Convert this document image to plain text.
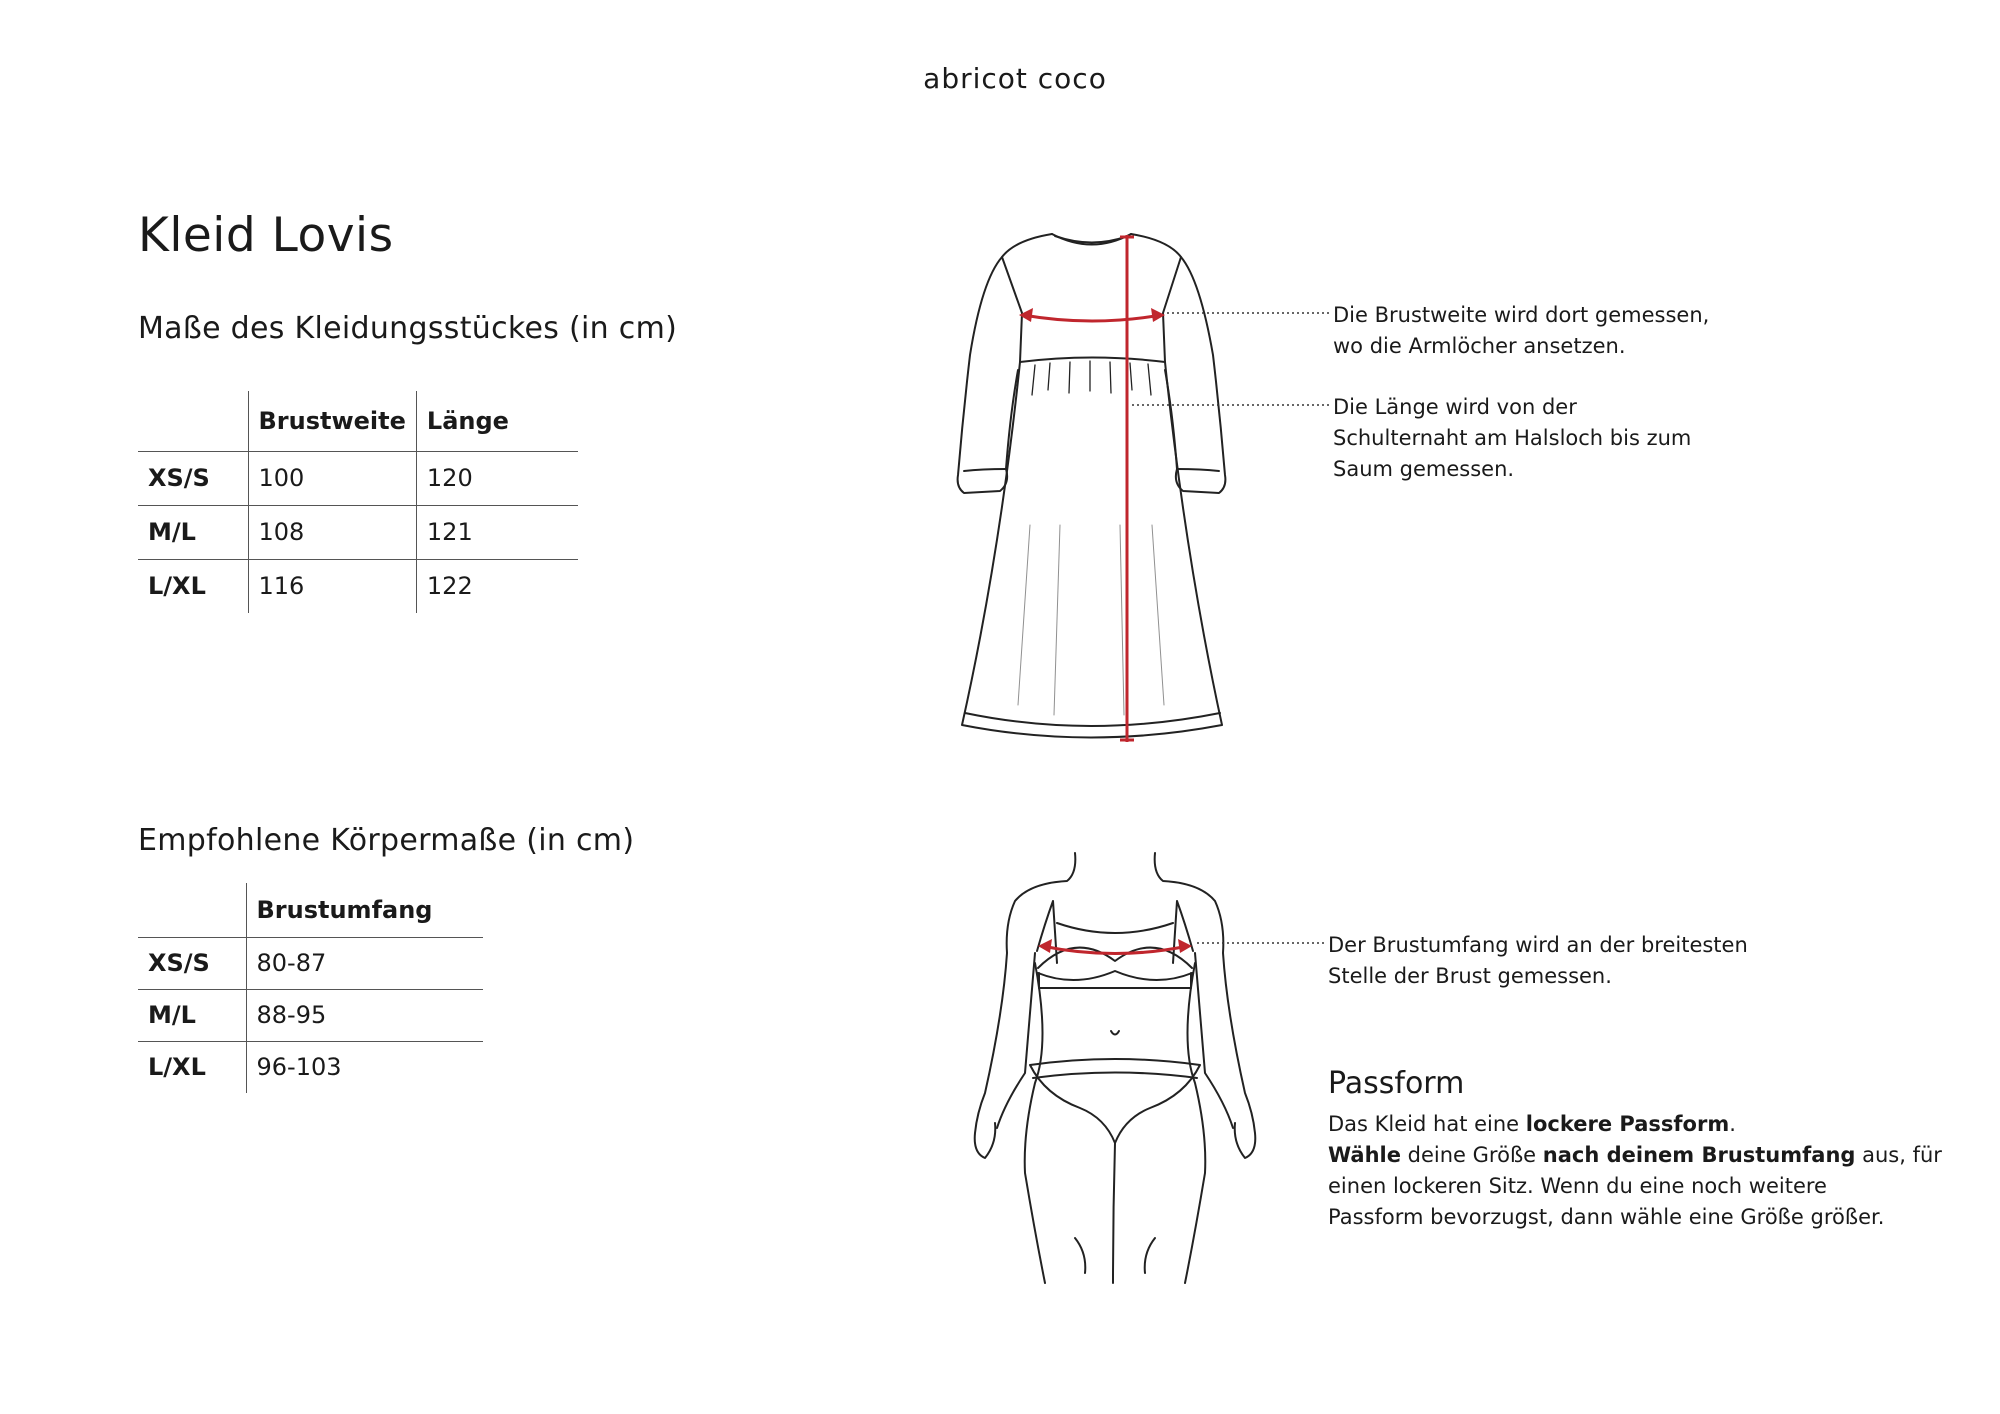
abricot coco
Kleid Lovis
Maße des Kleidungsstückes (in cm)
	Brustweite	Länge
XS/S	100	120
M/L	108	121
L/XL	116	122
Empfohlene Körpermaße (in cm)
	Brustumfang
XS/S	80-87
M/L	88-95
L/XL	96-103
Die Brustweite wird dort gemessen,
wo die Armlöcher ansetzen.
Die Länge wird von der
Schulternaht am Halsloch bis zum
Saum gemessen.
Der Brustumfang wird an der breitesten
Stelle der Brust gemessen.
Passform
Das Kleid hat eine lockere Passform.
Wähle deine Größe nach deinem Brustumfang aus, für
einen lockeren Sitz. Wenn du eine noch weitere
Passform bevorzugst, dann wähle eine Größe größer.
